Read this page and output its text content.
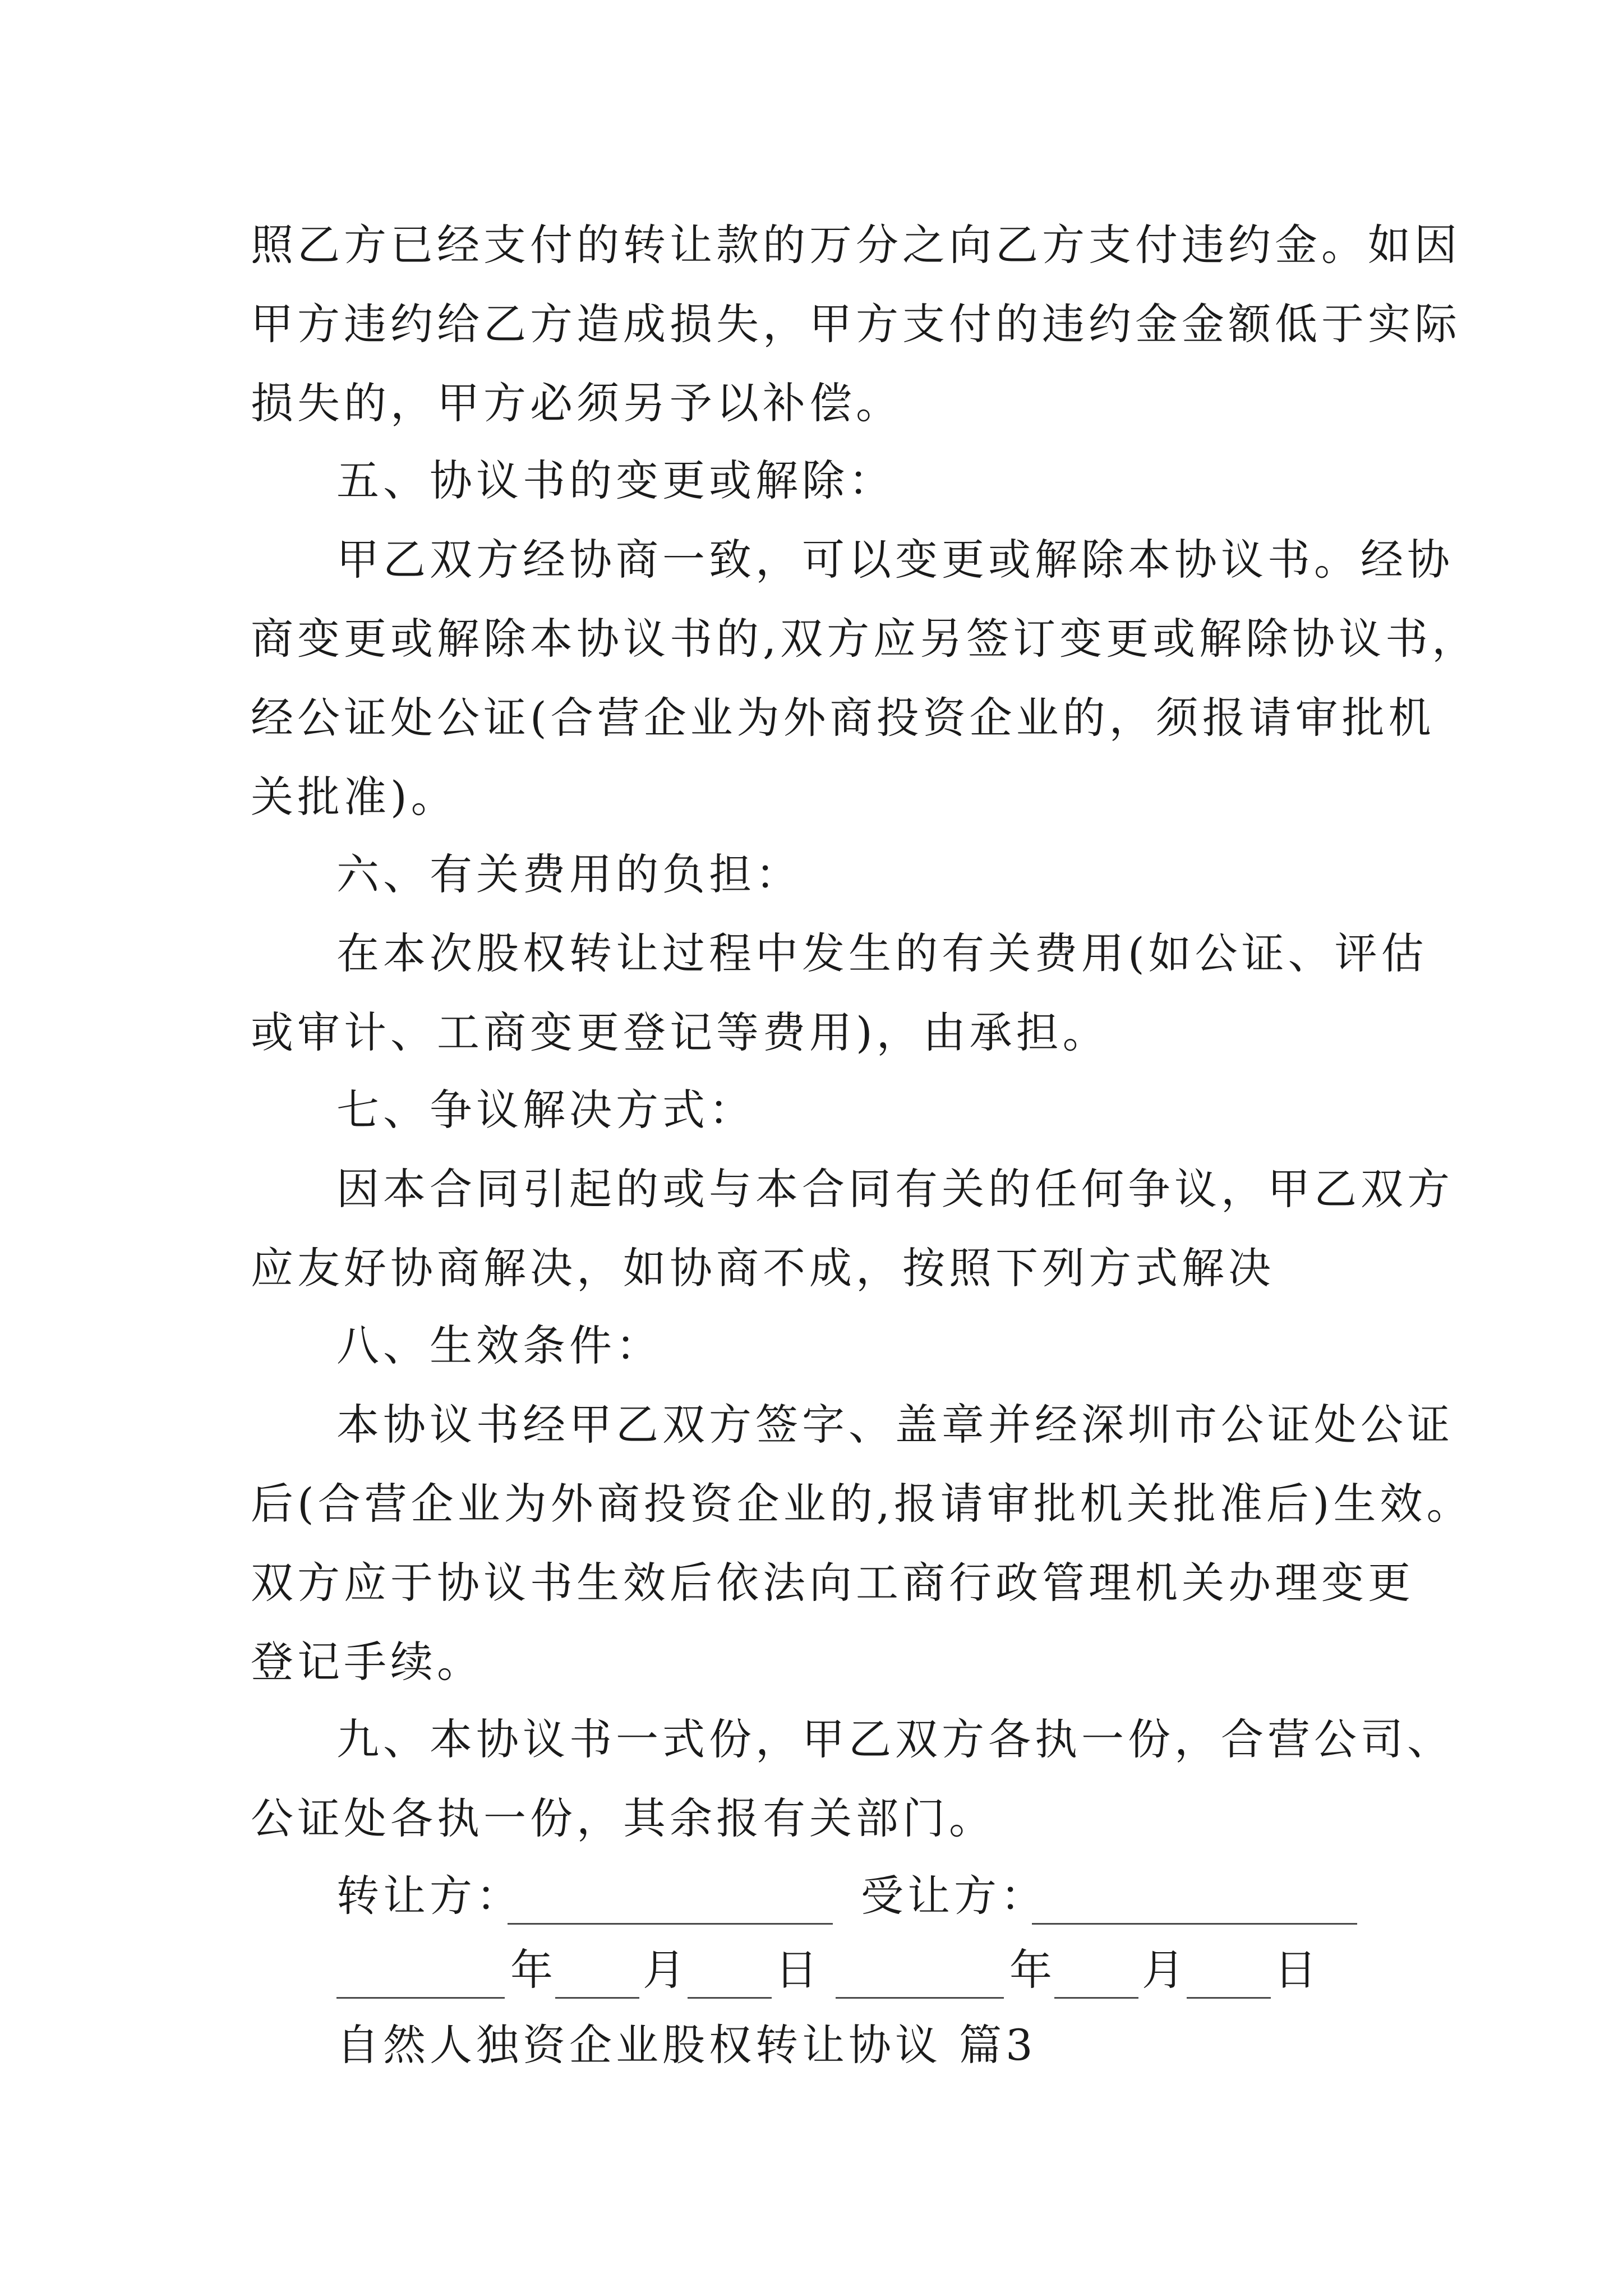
照乙方已经支付的转让款的万分之向乙方支付违约金。如因
甲方违约给乙方造成损失，甲方支付的违约金金额低于实际
损失的，甲方必须另予以补偿。
五、协议书的变更或解除：
甲乙双方经协商一致，可以变更或解除本协议书。经协
商变更或解除本协议书的,双方应另签订变更或解除协议书，
经公证处公证(合营企业为外商投资企业的，须报请审批机
关批准)。
六、有关费用的负担：
在本次股权转让过程中发生的有关费用(如公证、评估
或审计、工商变更登记等费用)，由承担。
七、争议解决方式：
因本合同引起的或与本合同有关的任何争议，甲乙双方
应友好协商解决，如协商不成，按照下列方式解决
八、生效条件：
本协议书经甲乙双方签字、盖章并经深圳市公证处公证
后(合营企业为外商投资企业的,报请审批机关批准后)生效。
双方应于协议书生效后依法向工商行政管理机关办理变更
登记手续。
九、本协议书一式份，甲乙双方各执一份，合营公司、
公证处各执一份，其余报有关部门。
转让方：	受让方：
年 月 日	年 月 日
自然人独资企业股权转让协议 篇3
